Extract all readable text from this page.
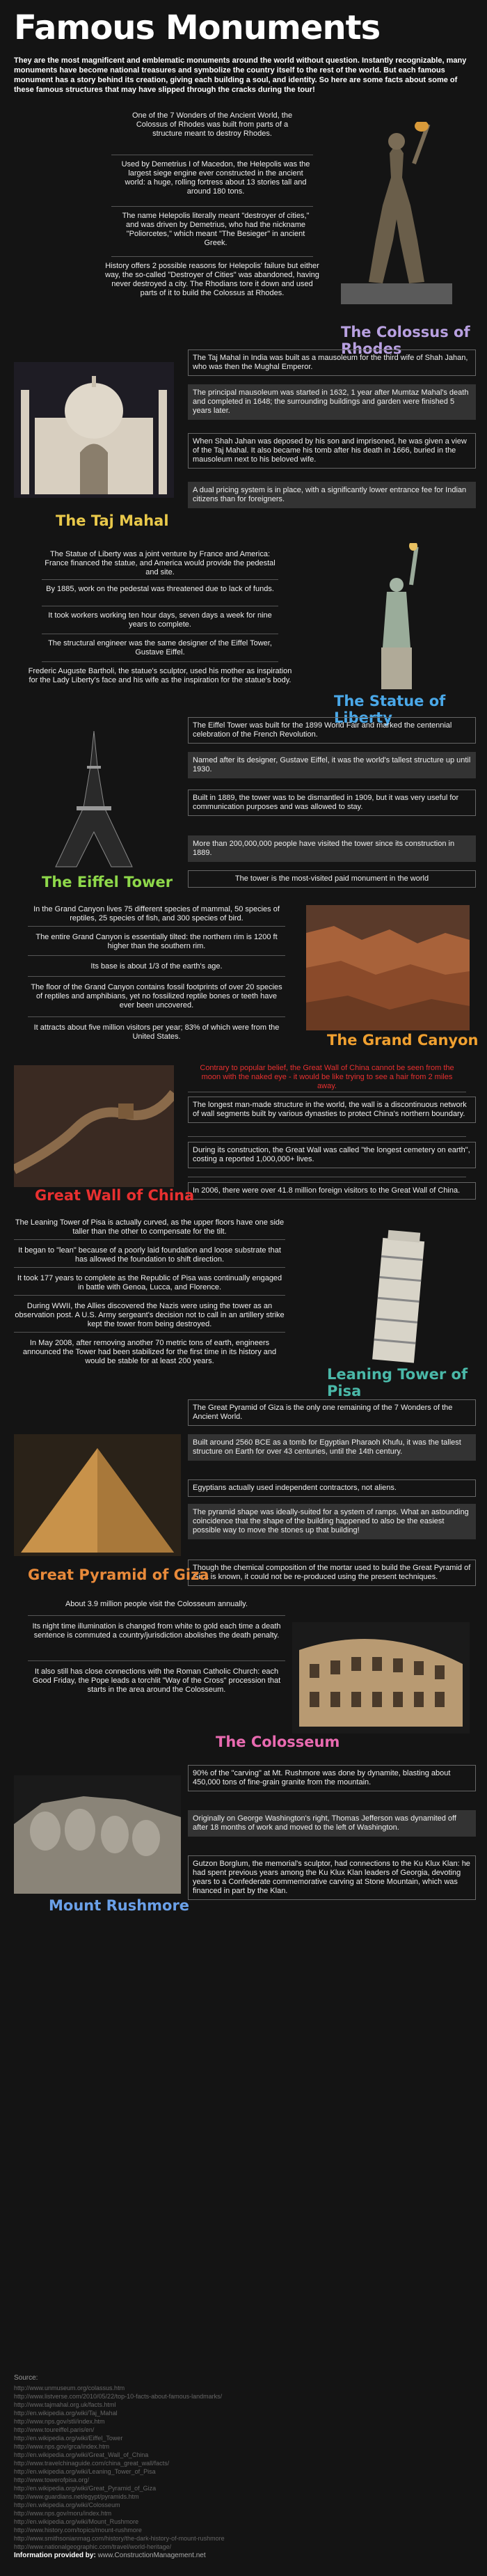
Famous Monuments
They are the most magnificent and emblematic monuments around the world without question. Instantly recognizable, many monuments have become national treasures and symbolize the country itself to the rest of the world. But each famous monument has a story behind its creation, giving each building a soul, and identity. So here are some facts about some of these famous structures that may have slipped through the cracks during the tour!
One of the 7 Wonders of the Ancient World, the Colossus of Rhodes was built from parts of a structure meant to destroy Rhodes.
Used by Demetrius I of Macedon, the Helepolis was the largest siege engine ever constructed in the ancient world: a huge, rolling fortress about 13 stories tall and around 180 tons.
The name Helepolis literally meant "destroyer of cities," and was driven by Demetrius, who had the nickname "Poliorcetes," which meant "The Besieger" in ancient Greek.
History offers 2 possible reasons for Helepolis' failure but either way, the so-called "Destroyer of Cities" was abandoned, having never destroyed a city. The Rhodians tore it down and used parts of it to build the Colossus at Rhodes.
The Colossus of Rhodes
The Taj Mahal in India was built as a mausoleum for the third wife of Shah Jahan, who was then the Mughal Emperor.
The principal mausoleum was started in 1632, 1 year after Mumtaz Mahal's death and completed in 1648; the surrounding buildings and garden were finished 5 years later.
When Shah Jahan was deposed by his son and imprisoned, he was given a view of the Taj Mahal. It also became his tomb after his death in 1666, buried in the mausoleum next to his beloved wife.
A dual pricing system is in place, with a significantly lower entrance fee for Indian citizens than for foreigners.
The Taj Mahal
The Statue of Liberty was a joint venture by France and America: France financed the statue, and America would provide the pedestal and site.
By 1885, work on the pedestal was threatened due to lack of funds.
It took workers working ten hour days, seven days a week for nine years to complete.
The structural engineer was the same designer of the Eiffel Tower, Gustave Eiffel.
Frederic Auguste Bartholi, the statue's sculptor, used his mother as inspiration for the Lady Liberty's face and his wife as the inspiration for the statue's body.
The Statue of Liberty
The Eiffel Tower was built for the 1899 World Fair and marked the centennial celebration of the French Revolution.
Named after its designer, Gustave Eiffel, it was the world's tallest structure up until 1930.
Built in 1889, the tower was to be dismantled in 1909, but it was very useful for communication purposes and was allowed to stay.
More than 200,000,000 people have visited the tower since its construction in 1889.
The tower is the most-visited paid monument in the world
The Eiffel Tower
In the Grand Canyon lives 75 different species of mammal, 50 species of reptiles, 25 species of fish, and 300 species of bird.
The entire Grand Canyon is essentially tilted: the northern rim is 1200 ft higher than the southern rim.
Its base is about 1/3 of the earth's age.
The floor of the Grand Canyon contains fossil footprints of over 20 species of reptiles and amphibians, yet no fossilized reptile bones or teeth have ever been uncovered.
It attracts about five million visitors per year; 83% of which were from the United States.	The Grand Canyon
Contrary to popular belief, the Great Wall of China cannot be seen from the moon with the naked eye - it would be like trying to see a hair from 2 miles away.
The longest man-made structure in the world, the wall is a discontinuous network of wall segments built by various dynasties to protect China's northern boundary.
During its construction, the Great Wall was called "the longest cemetery on earth", costing a reported 1,000,000+ lives.
In 2006, there were over 41.8 million foreign visitors to the Great Wall of China.
Great Wall of China
The Leaning Tower of Pisa is actually curved, as the upper floors have one side taller than the other to compensate for the tilt.
It began to "lean" because of a poorly laid foundation and loose substrate that has allowed the foundation to shift direction.
It took 177 years to complete as the Republic of Pisa was continually engaged in battle with Genoa, Lucca, and Florence.
During WWII, the Allies discovered the Nazis were using the tower as an observation post. A U.S. Army sergeant's decision not to call in an artillery strike kept the tower from being destroyed.
In May 2008, after removing another 70 metric tons of earth, engineers announced the Tower had been stabilized for the first time in its history and would be stable for at least 200 years.
Leaning Tower of Pisa
The Great Pyramid of Giza is the only one remaining of the 7 Wonders of the Ancient World.
Built around 2560 BCE as a tomb for Egyptian Pharaoh Khufu, it was the tallest structure on Earth for over 43 centuries, until the 14th century.
Egyptians actually used independent contractors, not aliens.
The pyramid shape was ideally-suited for a system of ramps. What an astounding coincidence that the shape of the building happened to also be the easiest possible way to move the stones up that building!
Though the chemical composition of the mortar used to build the Great Pyramid of Giza is known, it could not be re-produced using the present techniques.
Great Pyramid of Giza
About 3.9 million people visit the Colosseum annually.
Its night time illumination is changed from white to gold each time a death sentence is commuted a country/jurisdiction abolishes the death penalty.
It also still has close connections with the Roman Catholic Church: each Good Friday, the Pope leads a torchlit "Way of the Cross" procession that starts in the area around the Colosseum.
The Colosseum
90% of the "carving" at Mt. Rushmore was done by dynamite, blasting about 450,000 tons of fine-grain granite from the mountain.
Originally on George Washington's right, Thomas Jefferson was dynamited off after 18 months of work and moved to the left of Washington.
Gutzon Borglum, the memorial's sculptor, had connections to the Ku Klux Klan: he had spent previous years among the Ku Klux Klan leaders of Georgia, devoting years to a Confederate commemorative carving at Stone Mountain, which was financed in part by the Klan.
Mount Rushmore
Source:
http://www.unmuseum.org/colassus.htm
http://www.listverse.com/2010/05/22/top-10-facts-about-famous-landmarks/
http://www.tajmahal.org.uk/facts.html
http://en.wikipedia.org/wiki/Taj_Mahal
http://www.nps.gov/stli/index.htm
http://www.toureiffel.paris/en/
http://en.wikipedia.org/wiki/Eiffel_Tower
http://www.nps.gov/grca/index.htm
http://en.wikipedia.org/wiki/Great_Wall_of_China
http://www.travelchinaguide.com/china_great_wall/facts/
http://en.wikipedia.org/wiki/Leaning_Tower_of_Pisa
http://www.towerofpisa.org/
http://en.wikipedia.org/wiki/Great_Pyramid_of_Giza
http://www.guardians.net/egypt/pyramids.htm
http://en.wikipedia.org/wiki/Colosseum
http://www.nps.gov/moru/index.htm
http://en.wikipedia.org/wiki/Mount_Rushmore
http://www.history.com/topics/mount-rushmore
http://www.smithsonianmag.com/history/the-dark-history-of-mount-rushmore
http://www.nationalgeographic.com/travel/world-heritage/
Information provided by: www.ConstructionManagement.net
